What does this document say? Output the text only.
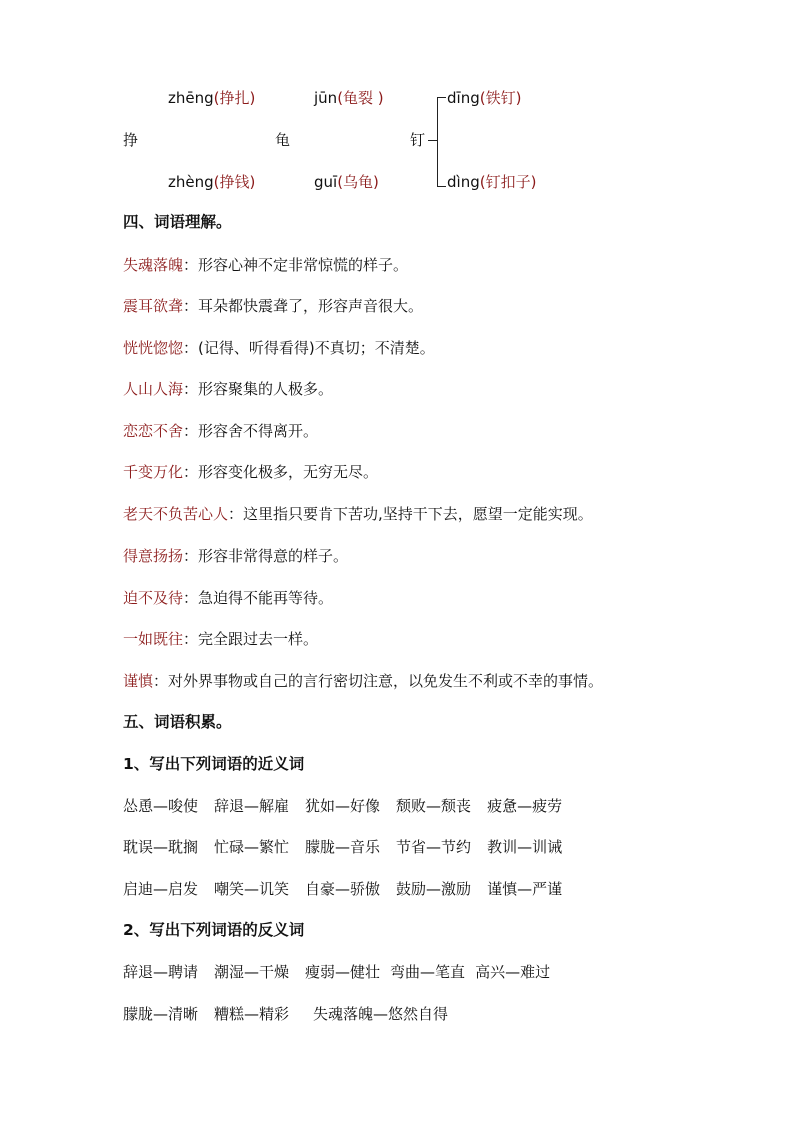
zhēng(挣扎)	jūn(龟裂 )	dīng(铁钉)
挣	龟	钉
zhèng(挣钱)	guī(乌龟)	dìng(钉扣子)
四、词语理解。
失魂落魄：形容心神不定非常惊慌的样子。
震耳欲聋：耳朵都快震聋了，形容声音很大。
恍恍惚惚：(记得、听得看得)不真切；不清楚。
人山人海：形容聚集的人极多。
恋恋不舍：形容舍不得离开。
千变万化：形容变化极多，无穷无尽。
老天不负苦心人：这里指只要肯下苦功,坚持干下去，愿望一定能实现。
得意扬扬：形容非常得意的样子。
迫不及待：急迫得不能再等待。
一如既往：完全跟过去一样。
谨慎：对外界事物或自己的言行密切注意，以免发生不利或不幸的事情。
五、词语积累。
1、写出下列词语的近义词
怂恿—唆使 辞退—解雇 犹如—好像 颓败—颓丧 疲惫—疲劳
耽误—耽搁 忙碌—繁忙 朦胧—音乐 节省—节约 教训—训诫
启迪—启发 嘲笑—讥笑 自豪—骄傲 鼓励—激励 谨慎—严谨
2、写出下列词语的反义词
辞退—聘请 潮湿—干燥 瘦弱—健壮 弯曲—笔直 高兴—难过
朦胧—清晰 糟糕—精彩 失魂落魄—悠然自得
